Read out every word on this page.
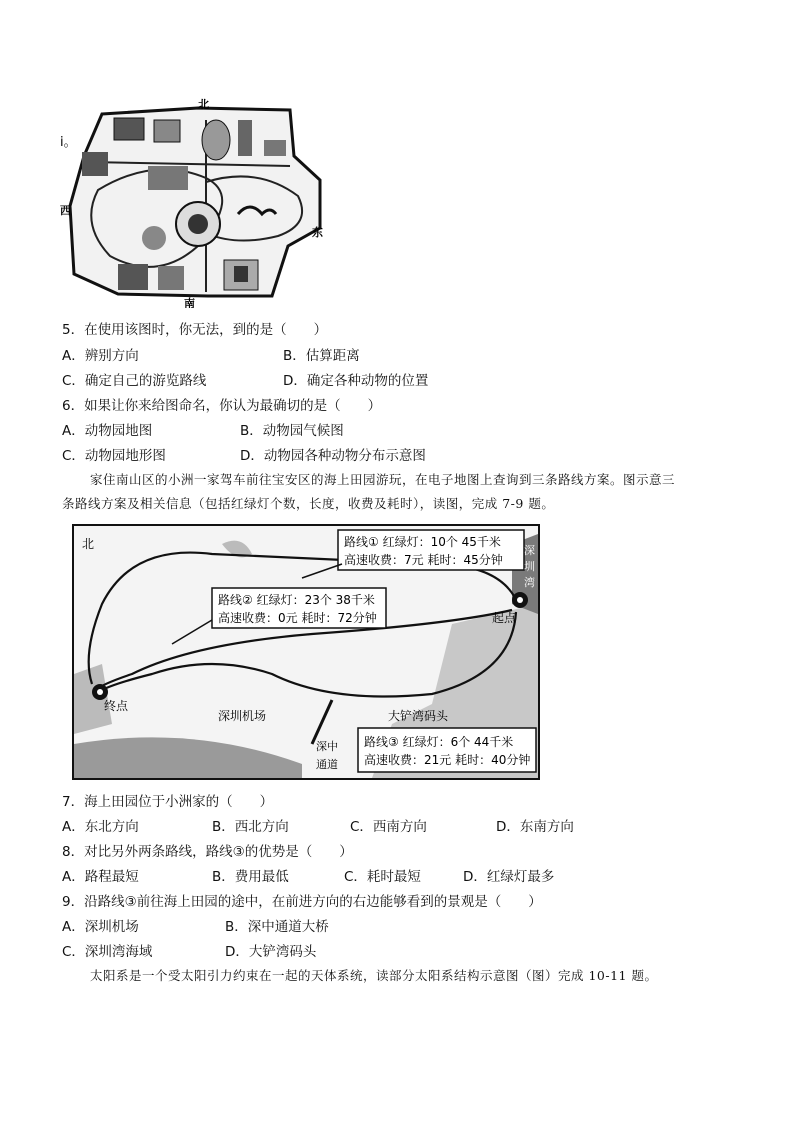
北
南
西
东
i。
5．在使用该图时，你无法，到的是（　　）
A．辨别方向	B．估算距离
C．确定自己的游览路线	D．确定各种动物的位置
6．如果让你来给图命名，你认为最确切的是（　　）
A．动物园地图	B．动物园气候图
C．动物园地形图	D．动物园各种动物分布示意图
家住南山区的小洲一家驾车前往宝安区的海上田园游玩，在电子地图上查询到三条路线方案。图示意三
条路线方案及相关信息（包括红绿灯个数，长度，收费及耗时），读图，完成 7-9 题。
路线① 红绿灯：10个 45千米
高速收费：7元 耗时：45分钟
路线② 红绿灯：23个 38千米
高速收费：0元 耗时：72分钟
路线③ 红绿灯：6个 44千米
高速收费：21元 耗时：40分钟
起点
终点
深圳机场	大铲湾码头
深中
通道
北	深
圳
湾
7．海上田园位于小洲家的（　　）
A．东北方向	B．西北方向	C．西南方向	D．东南方向
8．对比另外两条路线，路线③的优势是（　　）
A．路程最短	B．费用最低	C．耗时最短	D．红绿灯最多
9．沿路线③前往海上田园的途中，在前进方向的右边能够看到的景观是（　　）
A．深圳机场	B．深中通道大桥
C．深圳湾海域	D．大铲湾码头
太阳系是一个受太阳引力约束在一起的天体系统，读部分太阳系结构示意图（图）完成 10-11 题。
